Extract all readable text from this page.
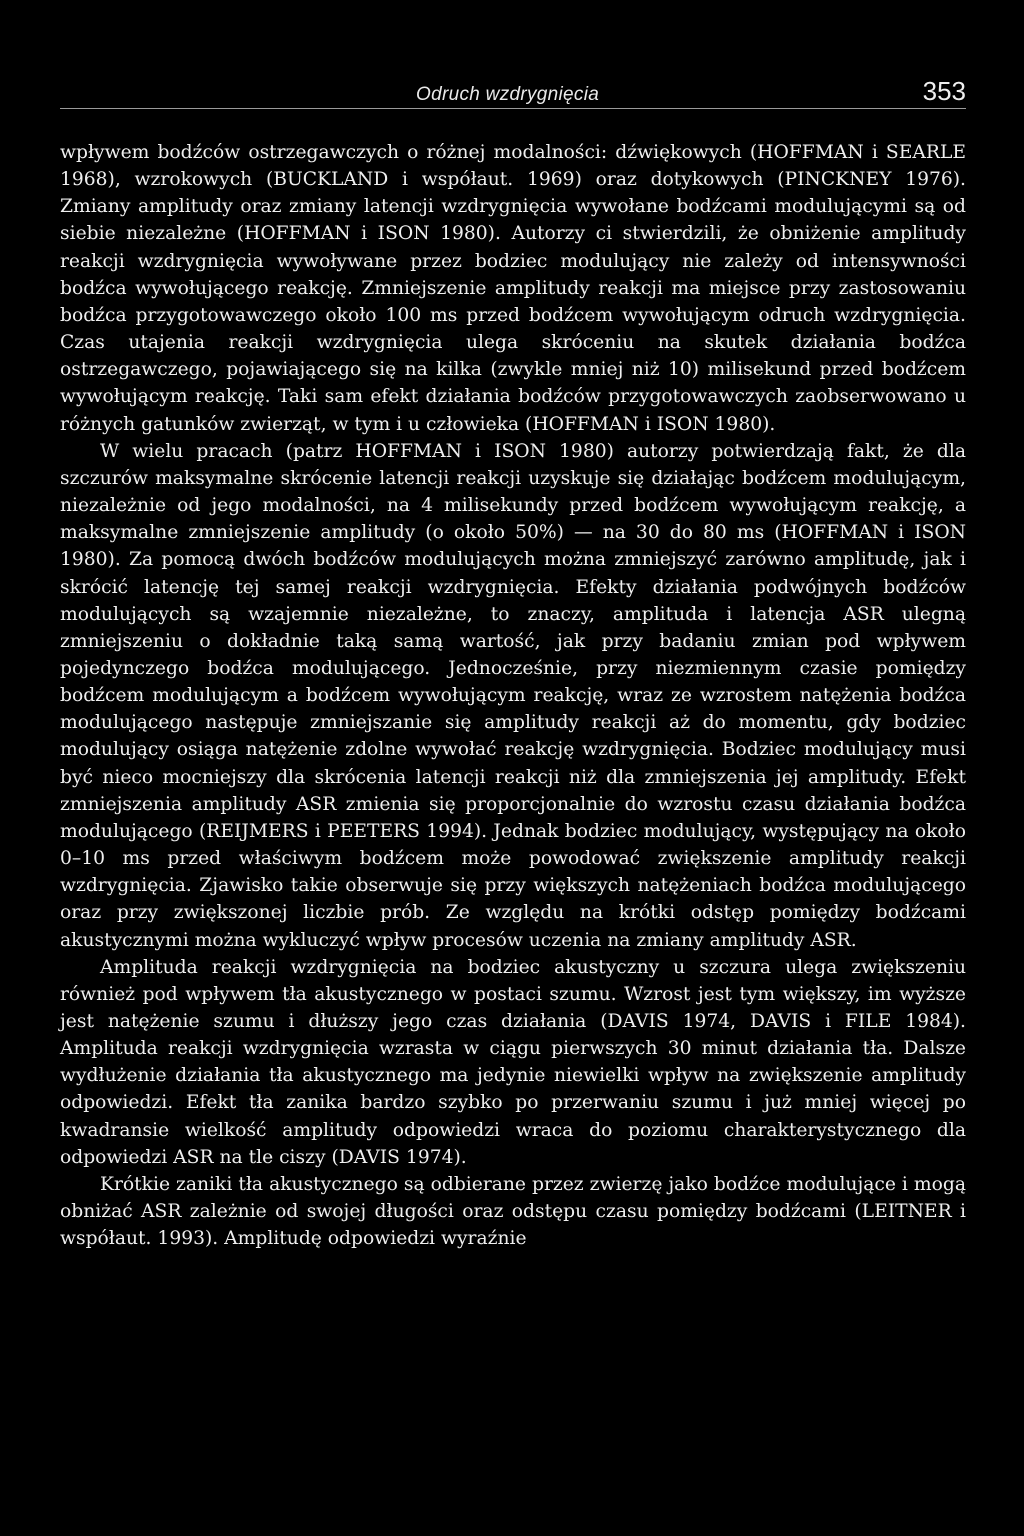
Odruch wzdrygnięcia	353

wpływem bodźców ostrzegawczych o różnej modalności: dźwiękowych (HOFFMAN i SEARLE 1968), wzrokowych (BUCKLAND i współaut. 1969) oraz dotykowych (PINCKNEY 1976). Zmiany amplitudy oraz zmiany latencji wzdrygnięcia wywołane bodźcami modulującymi są od siebie niezależne (HOFFMAN i ISON 1980). Autorzy ci stwierdzili, że obniżenie amplitudy reakcji wzdrygnięcia wywoływane przez bodziec modulujący nie zależy od intensywności bodźca wywołującego reakcję. Zmniejszenie amplitudy reakcji ma miejsce przy zastosowaniu bodźca przygotowawczego około 100 ms przed bodźcem wywołującym odruch wzdrygnięcia. Czas utajenia reakcji wzdrygnięcia ulega skróceniu na skutek działania bodźca ostrzegawczego, pojawiającego się na kilka (zwykle mniej niż 10) milisekund przed bodźcem wywołującym reakcję. Taki sam efekt działania bodźców przygotowawczych zaobserwowano u różnych gatunków zwierząt, w tym i u człowieka (HOFFMAN i ISON 1980).

W wielu pracach (patrz HOFFMAN i ISON 1980) autorzy potwierdzają fakt, że dla szczurów maksymalne skrócenie latencji reakcji uzyskuje się działając bodźcem modulującym, niezależnie od jego modalności, na 4 milisekundy przed bodźcem wywołującym reakcję, a maksymalne zmniejszenie amplitudy (o około 50%) — na 30 do 80 ms (HOFFMAN i ISON 1980). Za pomocą dwóch bodźców modulujących można zmniejszyć zarówno amplitudę, jak i skrócić latencję tej samej reakcji wzdrygnięcia. Efekty działania podwójnych bodźców modulujących są wzajemnie niezależne, to znaczy, amplituda i latencja ASR ulegną zmniejszeniu o dokładnie taką samą wartość, jak przy badaniu zmian pod wpływem pojedynczego bodźca modulującego. Jednocześnie, przy niezmiennym czasie pomiędzy bodźcem modulującym a bodźcem wywołującym reakcję, wraz ze wzrostem natężenia bodźca modulującego następuje zmniejszanie się amplitudy reakcji aż do momentu, gdy bodziec modulujący osiąga natężenie zdolne wywołać reakcję wzdrygnięcia. Bodziec modulujący musi być nieco mocniejszy dla skrócenia latencji reakcji niż dla zmniejszenia jej amplitudy. Efekt zmniejszenia amplitudy ASR zmienia się proporcjonalnie do wzrostu czasu działania bodźca modulującego (REIJMERS i PEETERS 1994). Jednak bodziec modulujący, występujący na około 0–10 ms przed właściwym bodźcem może powodować zwiększenie amplitudy reakcji wzdrygnięcia. Zjawisko takie obserwuje się przy większych natężeniach bodźca modulującego oraz przy zwiększonej liczbie prób. Ze względu na krótki odstęp pomiędzy bodźcami akustycznymi można wykluczyć wpływ procesów uczenia na zmiany amplitudy ASR.

Amplituda reakcji wzdrygnięcia na bodziec akustyczny u szczura ulega zwiększeniu również pod wpływem tła akustycznego w postaci szumu. Wzrost jest tym większy, im wyższe jest natężenie szumu i dłuższy jego czas działania (DAVIS 1974, DAVIS i FILE 1984). Amplituda reakcji wzdrygnięcia wzrasta w ciągu pierwszych 30 minut działania tła. Dalsze wydłużenie działania tła akustycznego ma jedynie niewielki wpływ na zwiększenie amplitudy odpowiedzi. Efekt tła zanika bardzo szybko po przerwaniu szumu i już mniej więcej po kwadransie wielkość amplitudy odpowiedzi wraca do poziomu charakterystycznego dla odpowiedzi ASR na tle ciszy (DAVIS 1974).

Krótkie zaniki tła akustycznego są odbierane przez zwierzę jako bodźce modulujące i mogą obniżać ASR zależnie od swojej długości oraz odstępu czasu pomiędzy bodźcami (LEITNER i współaut. 1993). Amplitudę odpowiedzi wyraźnie
